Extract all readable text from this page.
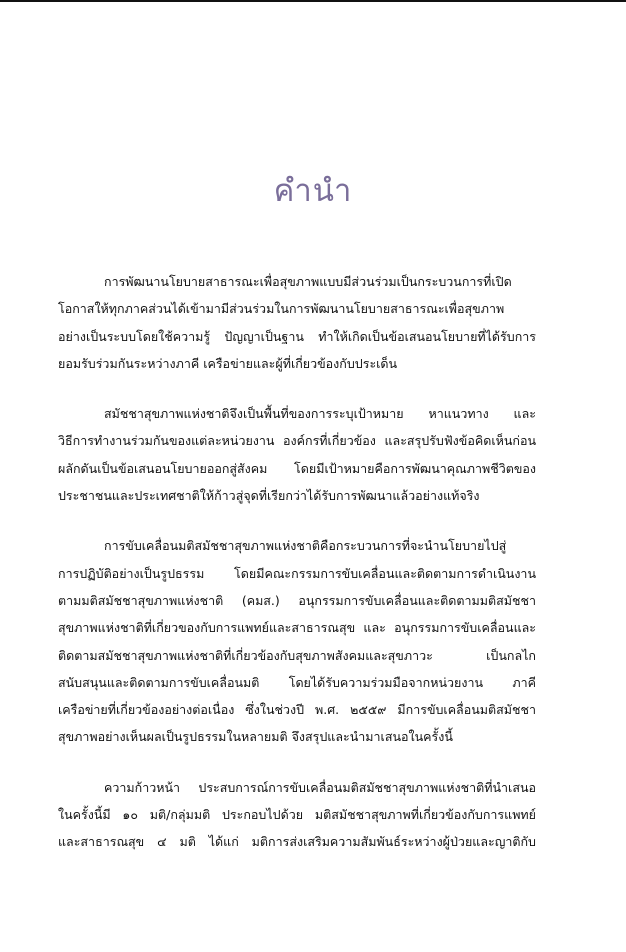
คำนำ

การพัฒนานโยบายสาธารณะเพื่อสุขภาพแบบมีส่วนร่วมเป็นกระบวนการที่เปิด
โอกาสให้ทุกภาคส่วนได้เข้ามามีส่วนร่วมในการพัฒนานโยบายสาธารณะเพื่อสุขภาพ
อย่างเป็นระบบโดยใช้ความรู้ ปัญญาเป็นฐาน ทำให้เกิดเป็นข้อเสนอนโยบายที่ได้รับการ
ยอมรับร่วมกันระหว่างภาคี เครือข่ายและผู้ที่เกี่ยวข้องกับประเด็น

สมัชชาสุขภาพแห่งชาติจึงเป็นพื้นที่ของการระบุเป้าหมาย หาแนวทาง และ
วิธีการทำงานร่วมกันของแต่ละหน่วยงาน องค์กรที่เกี่ยวข้อง และสรุปรับฟังข้อคิดเห็นก่อน
ผลักดันเป็นข้อเสนอนโยบายออกสู่สังคม โดยมีเป้าหมายคือการพัฒนาคุณภาพชีวิตของ
ประชาชนและประเทศชาติให้ก้าวสู่จุดที่เรียกว่าได้รับการพัฒนาแล้วอย่างแท้จริง

การขับเคลื่อนมติสมัชชาสุขภาพแห่งชาติคือกระบวนการที่จะนำนโยบายไปสู่
การปฏิบัติอย่างเป็นรูปธรรม โดยมีคณะกรรมการขับเคลื่อนและติดตามการดำเนินงาน
ตามมติสมัชชาสุขภาพแห่งชาติ (คมส.) อนุกรรมการขับเคลื่อนและติดตามมติสมัชชา
สุขภาพแห่งชาติที่เกี่ยวของกับการแพทย์และสาธารณสุข และ อนุกรรมการขับเคลื่อนและ
ติดตามสมัชชาสุขภาพแห่งชาติที่เกี่ยวข้องกับสุขภาพสังคมและสุขภาวะ เป็นกลไก
สนับสนุนและติดตามการขับเคลื่อนมติ โดยได้รับความร่วมมือจากหน่วยงาน ภาคี
เครือข่ายที่เกี่ยวข้องอย่างต่อเนื่อง ซึ่งในช่วงปี พ.ศ. ๒๕๕๙ มีการขับเคลื่อนมติสมัชชา
สุขภาพอย่างเห็นผลเป็นรูปธรรมในหลายมติ จึงสรุปและนำมาเสนอในครั้งนี้

ความก้าวหน้า ประสบการณ์การขับเคลื่อนมติสมัชชาสุขภาพแห่งชาติที่นำเสนอ
ในครั้งนี้มี ๑๐ มติ/กลุ่มมติ ประกอบไปด้วย มติสมัชชาสุขภาพที่เกี่ยวข้องกับการแพทย์
และสาธารณสุข ๔ มติ ได้แก่ มติการส่งเสริมความสัมพันธ์ระหว่างผู้ป่วยและญาติกับ
